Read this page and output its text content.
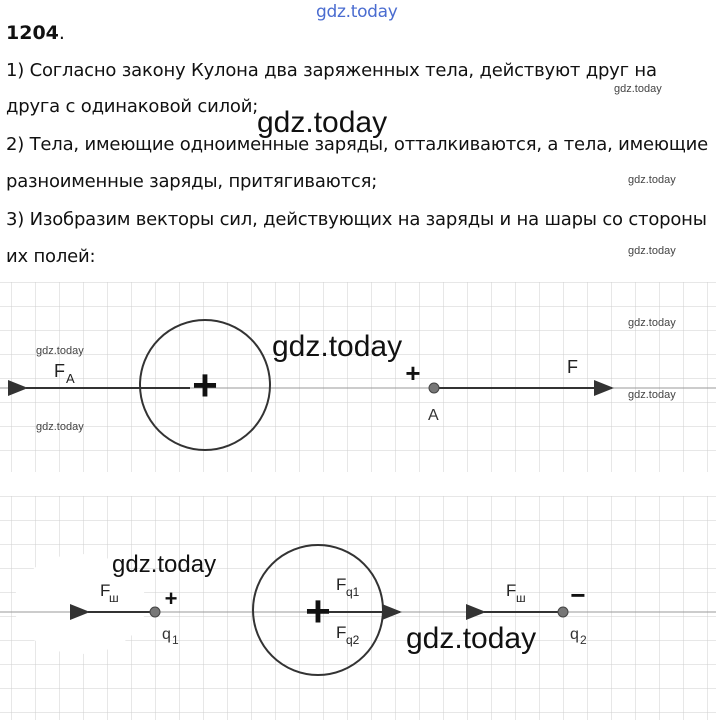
gdz.today
1204.
1) Согласно закону Кулона два заряженных тела, действуют друг на
друга с одинаковой силой;
2) Тела, имеющие одноименные заряды, отталкиваются, а тела, имеющие
разноименные заряды, притягиваются;
3) Изобразим векторы сил, действующих на заряды и на шары со стороны
их полей:
gdz.today
gdz.today
gdz.today
gdz.today
+	+
A
F A
F
gdz.today
gdz.today	gdz.today
gdz.today
gdz.today
+
+	−
q 1	q 2
F
ш	F ш
F q1
F q2
gdz.today
gdz.today
